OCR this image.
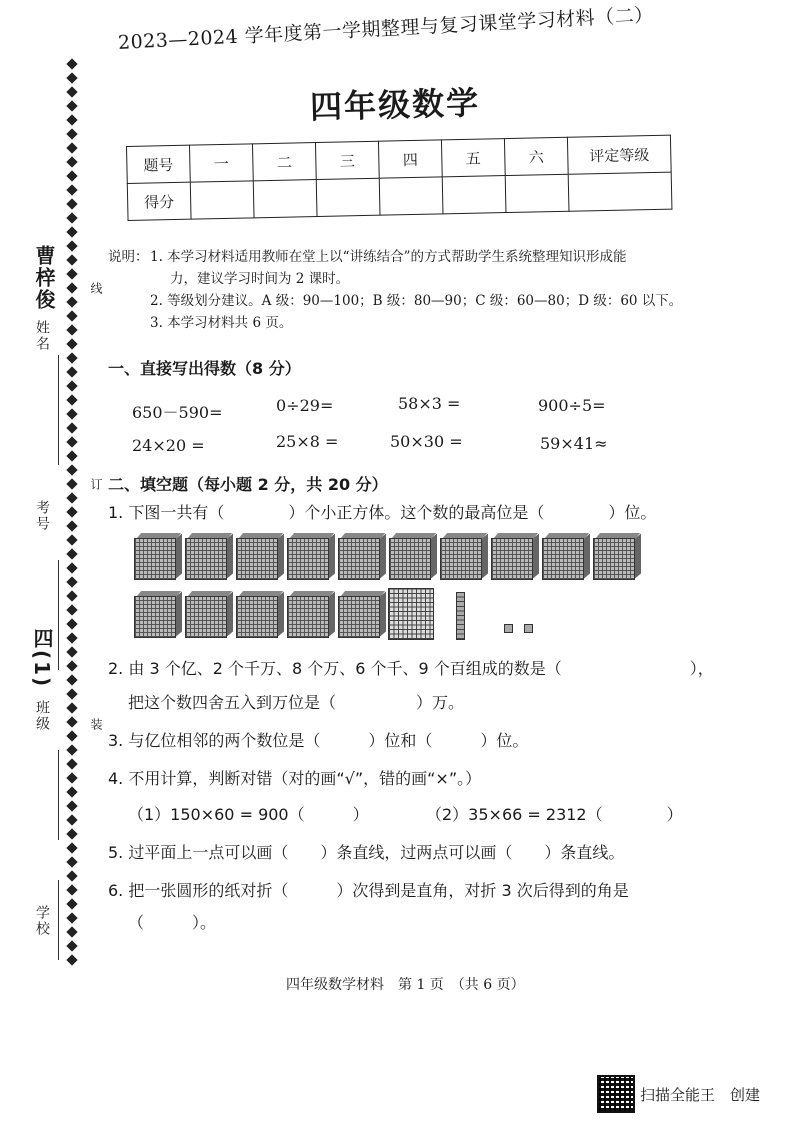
姓名
曹梓俊	线
考号
订
班级
四(1)
装
学校
2023—2024 学年度第一学期整理与复习课堂学习材料（二）
四年级数学
题号	一	二	三	四	五	六	评定等级
得分							
说明： 1. 本学习材料适用教师在堂上以“讲练结合”的方式帮助学生系统整理知识形成能
力，建议学习时间为 2 课时。
2. 等级划分建议。A 级：90—100；B 级：80—90；C 级：60—80；D 级：60 以下。
3. 本学习材料共 6 页。
一、直接写出得数（8 分）
650－590=	0÷29=	58×3 =	900÷5=
24×20 =	25×8 =	50×30 =	59×41≈
二、填空题（每小题 2 分，共 20 分）
1. 下图一共有（　　　　）个小正方体。这个数的最高位是（　　　　）位。
2. 由 3 个亿、2 个千万、8 个万、6 个千、9 个百组成的数是（　　　　　　　　），
把这个数四舍五入到万位是（　　　　　）万。
3. 与亿位相邻的两个数位是（　　　）位和（　　　）位。
4. 不用计算，判断对错（对的画“√”，错的画“×”。）
（1）150×60 = 900（　　　）	（2）35×66 = 2312（　　　　）
5. 过平面上一点可以画（　　）条直线，过两点可以画（　　）条直线。
6. 把一张圆形的纸对折（　　　）次得到是直角，对折 3 次后得到的角是
（　　　）。
四年级数学材料　第 1 页　（共 6 页）
扫描全能王　创建
